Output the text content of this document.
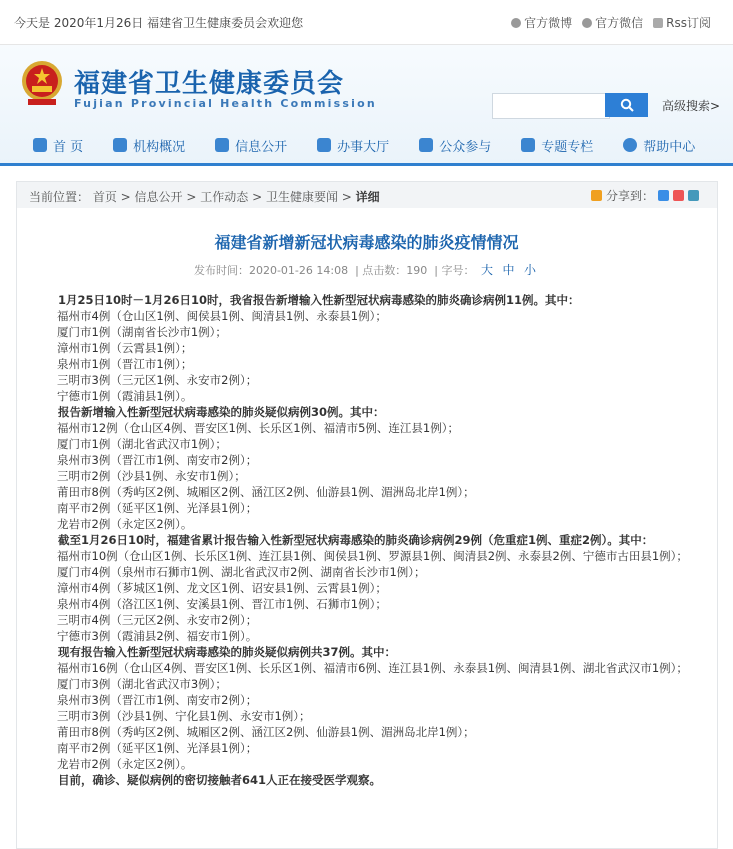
今天是 2020年1月26日 福建省卫生健康委员会欢迎您	官方微博 官方微信 Rss订阅
福建省卫生健康委员会
Fujian Provincial Health Commission	高级搜索>
首 页	机构概况	信息公开	办事大厅	公众参与	专题专栏	帮助中心
当前位置： 首页 > 信息公开 > 工作动态 > 卫生健康要闻 > 详细	分享到：
福建省新增新冠状病毒感染的肺炎疫情情况
发布时间：2020-01-26 14:08  | 点击数：190  | 字号： 大 中 小

1月25日10时－1月26日10时，我省报告新增输入性新型冠状病毒感染的肺炎确诊病例11例。其中：

福州市4例（仓山区1例、闽侯县1例、闽清县1例、永泰县1例）；

厦门市1例（湖南省长沙市1例）；

漳州市1例（云霄县1例）；

泉州市1例（晋江市1例）；

三明市3例（三元区1例、永安市2例）；

宁德市1例（霞浦县1例）。

报告新增输入性新型冠状病毒感染的肺炎疑似病例30例。其中：

福州市12例（仓山区4例、晋安区1例、长乐区1例、福清市5例、连江县1例）；

厦门市1例（湖北省武汉市1例）；

泉州市3例（晋江市1例、南安市2例）；

三明市2例（沙县1例、永安市1例）；

莆田市8例（秀屿区2例、城厢区2例、涵江区2例、仙游县1例、湄洲岛北岸1例）；

南平市2例（延平区1例、光泽县1例）；

龙岩市2例（永定区2例）。

截至1月26日10时，福建省累计报告输入性新型冠状病毒感染的肺炎确诊病例29例（危重症1例、重症2例）。其中：

福州市10例（仓山区1例、长乐区1例、连江县1例、闽侯县1例、罗源县1例、闽清县2例、永泰县2例、宁德市古田县1例）；

厦门市4例（泉州市石狮市1例、湖北省武汉市2例、湖南省长沙市1例）；

漳州市4例（芗城区1例、龙文区1例、诏安县1例、云霄县1例）；

泉州市4例（洛江区1例、安溪县1例、晋江市1例、石狮市1例）；

三明市4例（三元区2例、永安市2例）；

宁德市3例（霞浦县2例、福安市1例）。

现有报告输入性新型冠状病毒感染的肺炎疑似病例共37例。其中：

福州市16例（仓山区4例、晋安区1例、长乐区1例、福清市6例、连江县1例、永泰县1例、闽清县1例、湖北省武汉市1例）；

厦门市3例（湖北省武汉市3例）；

泉州市3例（晋江市1例、南安市2例）；

三明市3例（沙县1例、宁化县1例、永安市1例）；

莆田市8例（秀屿区2例、城厢区2例、涵江区2例、仙游县1例、湄洲岛北岸1例）；

南平市2例（延平区1例、光泽县1例）；

龙岩市2例（永定区2例）。

目前，确诊、疑似病例的密切接触者641人正在接受医学观察。
